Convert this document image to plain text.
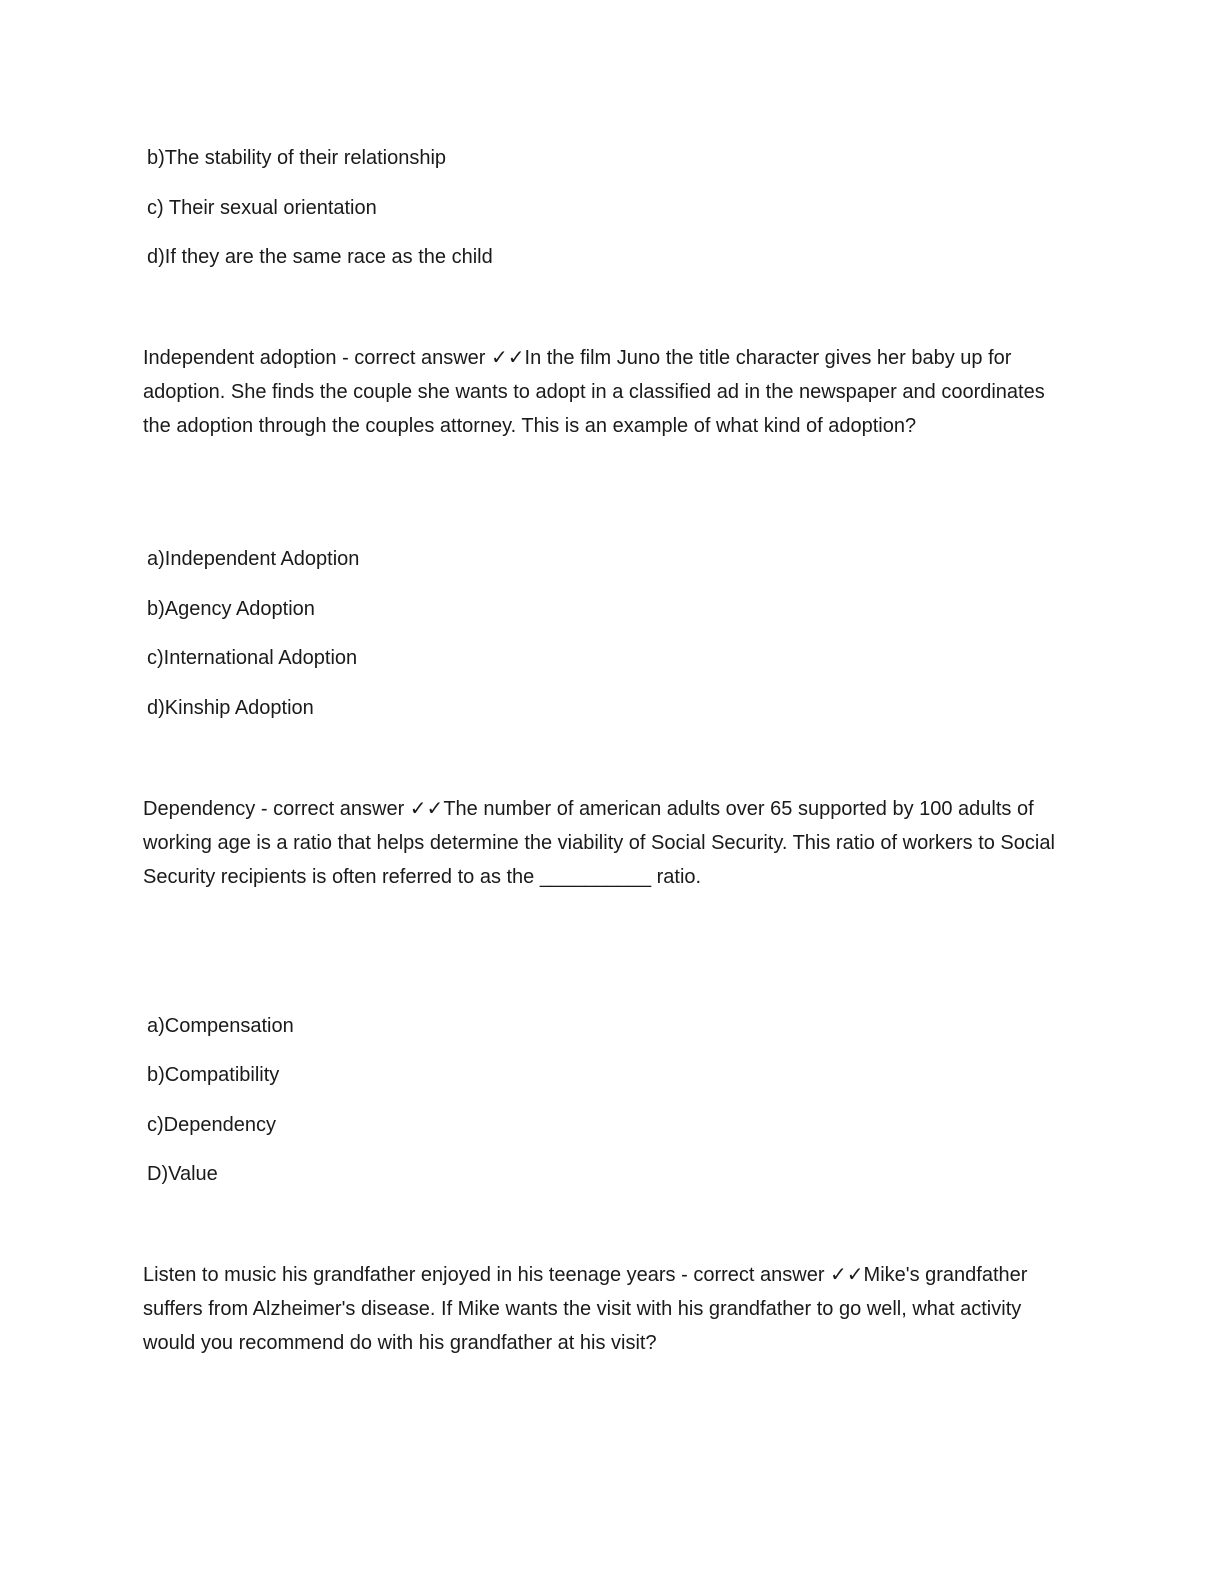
b)The stability of their relationship
c) Their sexual orientation
d)If they are the same race as the child
Independent adoption - correct answer ✓✓In the film Juno the title character gives her baby up for adoption. She finds the couple she wants to adopt in a classified ad in the newspaper and coordinates the adoption through the couples attorney. This is an example of what kind of adoption?
a)Independent Adoption
b)Agency Adoption
c)International Adoption
d)Kinship Adoption
Dependency - correct answer ✓✓The number of american adults over 65 supported by 100 adults of working age is a ratio that helps determine the viability of Social Security. This ratio of workers to Social Security recipients is often referred to as the __________ ratio.
a)Compensation
b)Compatibility
c)Dependency
D)Value
Listen to music his grandfather enjoyed in his teenage years - correct answer ✓✓Mike's grandfather suffers from Alzheimer's disease. If Mike wants the visit with his grandfather to go well, what activity would you recommend do with his grandfather at his visit?
